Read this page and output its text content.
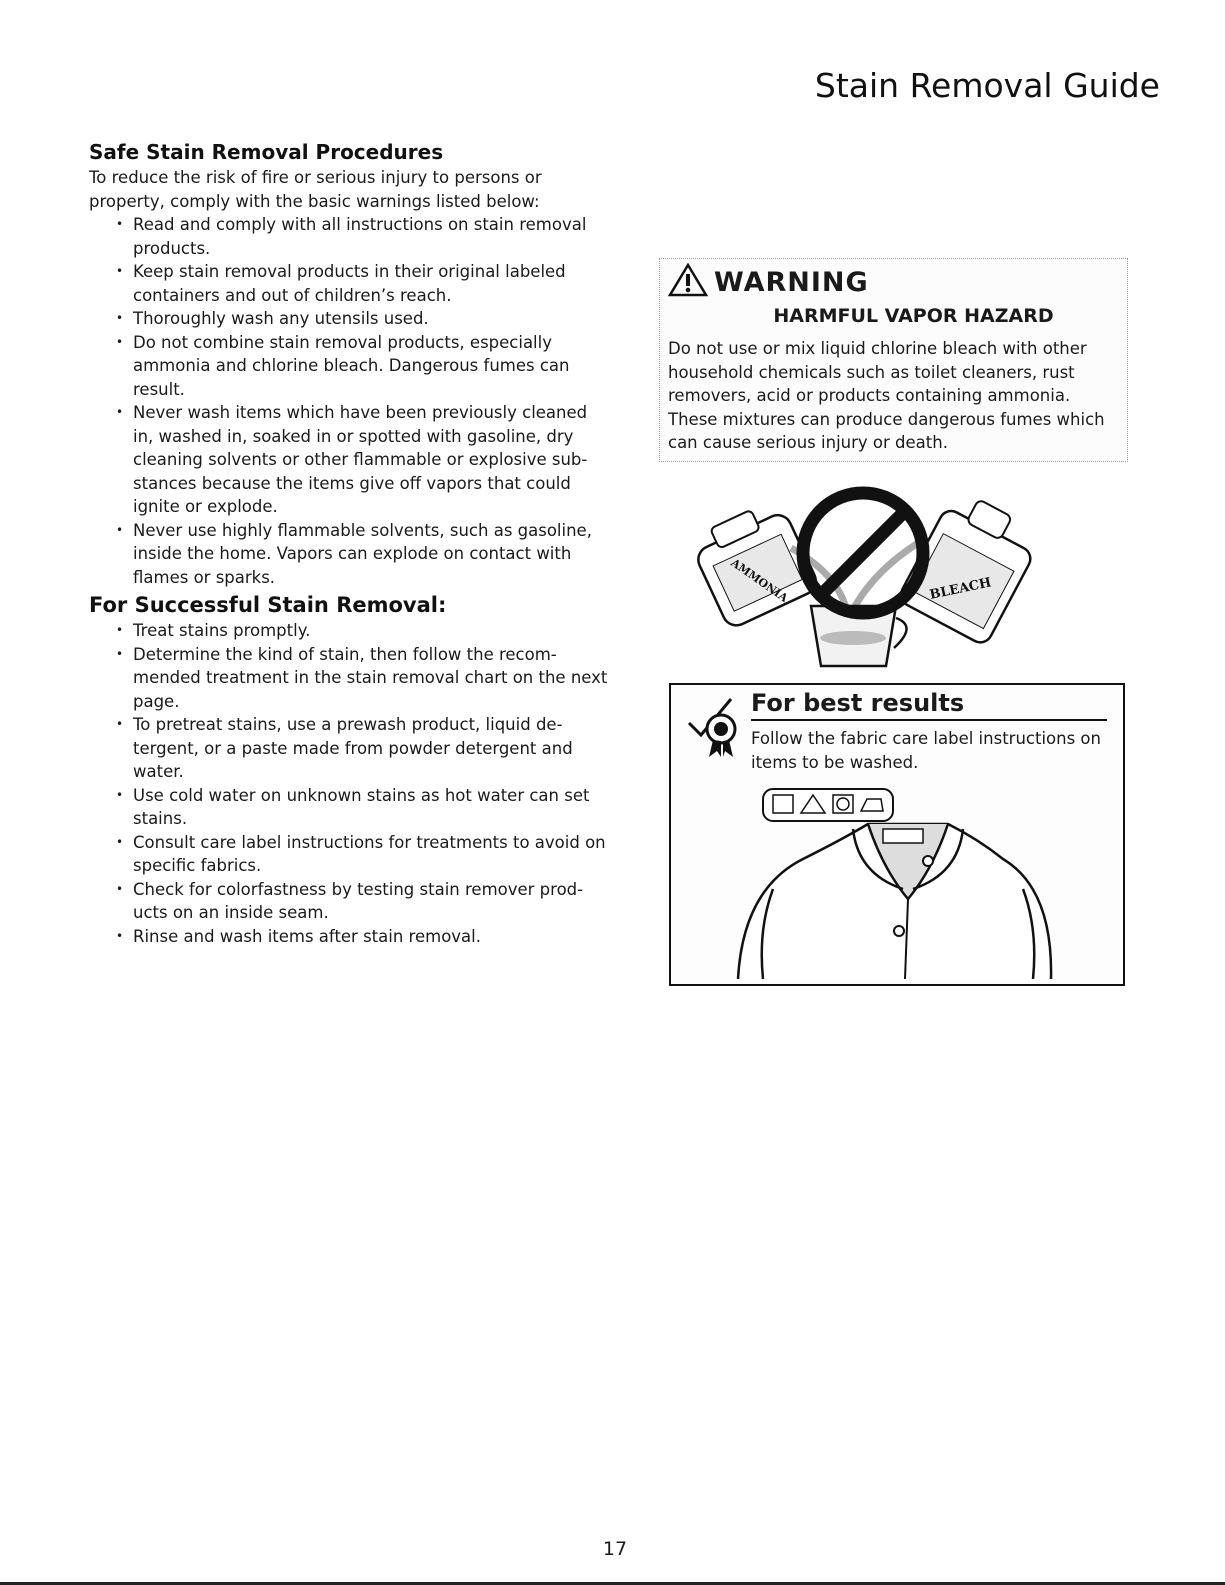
Stain Removal Guide
Safe Stain Removal Procedures

To reduce the risk of fire or serious injury to persons or property, comply with the basic warnings listed below:

• Read and comply with all instructions on stain removal products.
• Keep stain removal products in their original labeled containers and out of children’s reach.
• Thoroughly wash any utensils used.
• Do not combine stain removal products, especially ammonia and chlorine bleach. Dangerous fumes can result.
• Never wash items which have been previously cleaned in, washed in, soaked in or spotted with gasoline, dry cleaning solvents or other flammable or explosive sub-stances because the items give off vapors that could ignite or explode.
• Never use highly flammable solvents, such as gasoline, inside the home. Vapors can explode on contact with flames or sparks.
For Successful Stain Removal:
• Treat stains promptly.
• Determine the kind of stain, then follow the recom-mended treatment in the stain removal chart on the next page.
• To pretreat stains, use a prewash product, liquid de-tergent, or a paste made from powder detergent and water.
• Use cold water on unknown stains as hot water can set stains.
• Consult care label instructions for treatments to avoid on specific fabrics.
• Check for colorfastness by testing stain remover prod-ucts on an inside seam.
• Rinse and wash items after stain removal.
WARNING
HARMFUL VAPOR HAZARD

Do not use or mix liquid chlorine bleach with other household chemicals such as toilet cleaners, rust removers, acid or products containing ammonia. These mixtures can produce dangerous fumes which can cause serious injury or death.

AMMONIA	BLEACH
For best results

Follow the fabric care label instructions on items to be washed.

17
